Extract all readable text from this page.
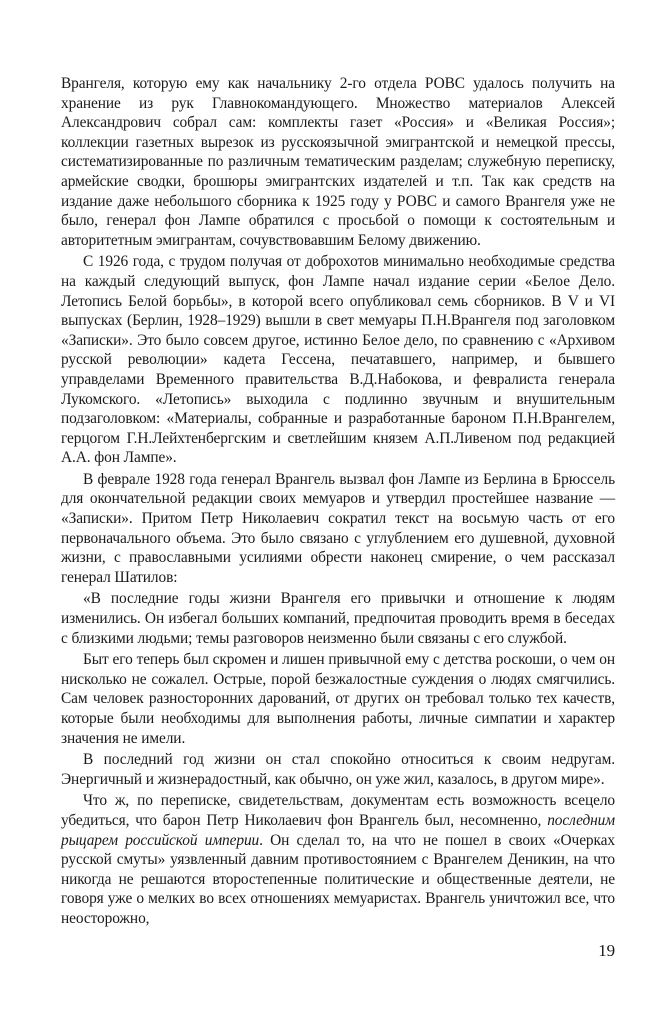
Врангеля, которую ему как начальнику 2-го отдела РОВС удалось получить на хранение из рук Главнокомандующего. Множество материалов Алексей Александрович собрал сам: комплекты газет «Россия» и «Великая Россия»; коллекции газетных вырезок из русскоязычной эмигрантской и немецкой прессы, систематизированные по различным тематическим разделам; служебную переписку, армейские сводки, брошюры эмигрантских издателей и т.п. Так как средств на издание даже небольшого сборника к 1925 году у РОВС и самого Врангеля уже не было, генерал фон Лампе обратился с просьбой о помощи к состоятельным и авторитетным эмигрантам, сочувствовавшим Белому движению.

С 1926 года, с трудом получая от доброхотов минимально необходимые средства на каждый следующий выпуск, фон Лампе начал издание серии «Белое Дело. Летопись Белой борьбы», в которой всего опубликовал семь сборников. В V и VI выпусках (Берлин, 1928–1929) вышли в свет мемуары П.Н.Врангеля под заголовком «Записки». Это было совсем другое, истинно Белое дело, по сравнению с «Архивом русской революции» кадета Гессена, печатавшего, например, и бывшего управделами Временного правительства В.Д.Набокова, и февралиста генерала Лукомского. «Летопись» выходила с подлинно звучным и внушительным подзаголовком: «Материалы, собранные и разработанные бароном П.Н.Врангелем, герцогом Г.Н.Лейхтенбергским и светлейшим князем А.П.Ливеном под редакцией А.А. фон Лампе».

В феврале 1928 года генерал Врангель вызвал фон Лампе из Берлина в Брюссель для окончательной редакции своих мемуаров и утвердил простейшее название — «Записки». Притом Петр Николаевич сократил текст на восьмую часть от его первоначального объема. Это было связано с углублением его душевной, духовной жизни, с православными усилиями обрести наконец смирение, о чем рассказал генерал Шатилов:

«В последние годы жизни Врангеля его привычки и отношение к людям изменились. Он избегал больших компаний, предпочитая проводить время в беседах с близкими людьми; темы разговоров неизменно были связаны с его службой.

Быт его теперь был скромен и лишен привычной ему с детства роскоши, о чем он нисколько не сожалел. Острые, порой безжалостные суждения о людях смягчились. Сам человек разносторонних дарований, от других он требовал только тех качеств, которые были необходимы для выполнения работы, личные симпатии и характер значения не имели.

В последний год жизни он стал спокойно относиться к своим недругам. Энергичный и жизнерадостный, как обычно, он уже жил, казалось, в другом мире».

Что ж, по переписке, свидетельствам, документам есть возможность всецело убедиться, что барон Петр Николаевич фон Врангель был, несомненно, последним рыцарем российской империи. Он сделал то, на что не пошел в своих «Очерках русской смуты» уязвленный давним противостоянием с Врангелем Деникин, на что никогда не решаются второстепенные политические и общественные деятели, не говоря уже о мелких во всех отношениях мемуаристах. Врангель уничтожил все, что неосторожно,

19
